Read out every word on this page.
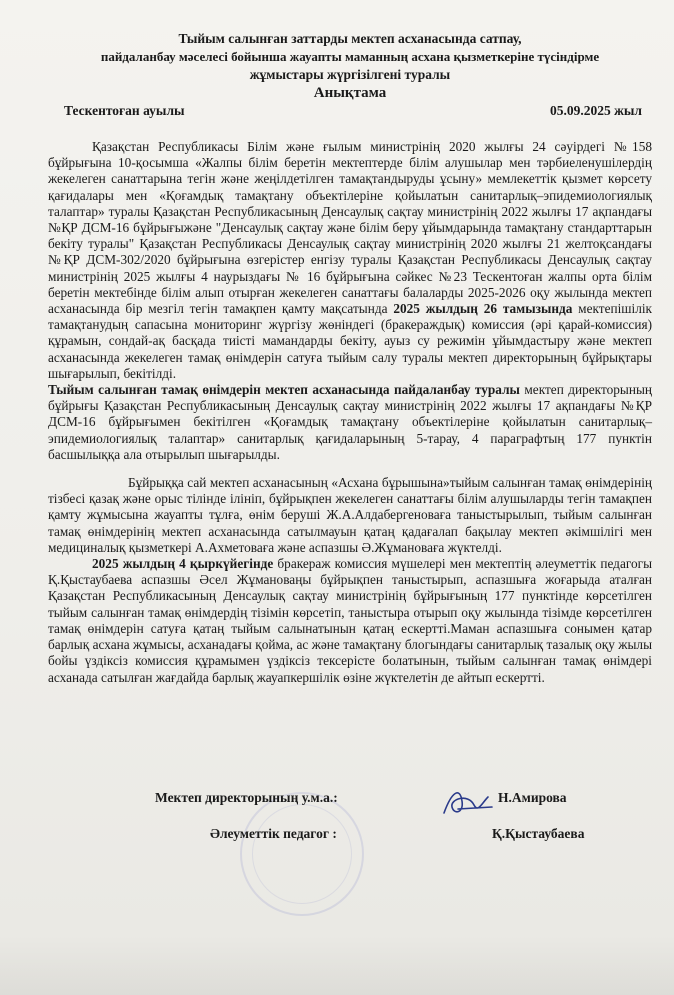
Тыйым салынған заттарды мектеп асханасында сатпау,
пайдаланбау мәселесі бойынша жауапты маманның асхана қызметкеріне түсіндірме
жұмыстары жүргізілгені туралы
Анықтама
Тескентоған ауылы	05.09.2025 жыл

Қазақстан Республикасы Білім және ғылым министрінің 2020 жылғы 24 сәуірдегі №158 бұйрығына 10-қосымша «Жалпы білім беретін мектептерде білім алушылар мен тәрбиеленушілердің жекелеген санаттарына тегін және жеңілдетілген тамақтандыруды ұсыну» мемлекеттік қызмет көрсету қағидалары мен «Қоғамдық тамақтану объектілеріне қойылатын санитарлық–эпидемиологиялық талаптар» туралы Қазақстан Республикасының Денсаулық сақтау министрінің 2022 жылғы 17 ақпандағы №ҚР ДСМ-16 бұйрығыжәне "Денсаулық сақтау және білім беру ұйымдарында тамақтану стандарттарын бекіту туралы" Қазақстан Республикасы Денсаулық сақтау министрінің 2020 жылғы 21 желтоқсандағы №ҚР ДСМ-302/2020 бұйрығына өзгерістер енгізу туралы Қазақстан Республикасы Денсаулық сақтау министрінің 2025 жылғы 4 наурыздағы № 16 бұйрығына сәйкес №23 Тескентоған жалпы орта білім беретін мектебінде білім алып отырған жекелеген санаттағы балаларды 2025-2026 оқу жылында мектеп асханасында бір мезгіл тегін тамақпен қамту мақсатында 2025 жылдың 26 тамызында мектепішілік тамақтанудың сапасына мониторинг жүргізу жөніндегі (бракераждық) комиссия (әрі қарай-комиссия) құрамын, сондай-ақ басқада тиісті мамандарды бекіту, ауыз су режимін ұйымдастыру және мектеп асханасында жекелеген тамақ өнімдерін сатуға тыйым салу туралы мектеп директорының бұйрықтары шығарылып, бекітілді.

Тыйым салынған тамақ өнімдерін мектеп асханасында пайдаланбау туралы мектеп директорының бұйрығы Қазақстан Республикасының Денсаулық сақтау министрінің 2022 жылғы 17 ақпандағы №ҚР ДСМ-16 бұйрығымен бекітілген «Қоғамдық тамақтану объектілеріне қойылатын санитарлық–эпидемиологиялық талаптар» санитарлық қағидаларының 5-тарау, 4 параграфтың 177 пунктін басшылыққа ала отырылып шығарылды.

Бұйрыққа сай мектеп асханасының «Асхана бұрышына»тыйым салынған тамақ өнімдерінің тізбесі қазақ және орыс тілінде ілініп, бұйрықпен жекелеген санаттағы білім алушыларды тегін тамақпен қамту жұмысына жауапты тұлға, өнім беруші Ж.А.Алдабергеноваға таныстырылып, тыйым салынған тамақ өнімдерінің мектеп асханасында сатылмауын қатаң қадағалап бақылау мектеп әкімшілігі мен медициналық қызметкері А.Ахметоваға және аспазшы Ә.Жұмановаға жүктелді.

2025 жылдың 4 қыркүйегінде бракераж комиссия мүшелері мен мектептің әлеуметтік педагогы Қ.Қыстаубаева аспазшы Әсел Жұмановаңы бұйрықпен таныстырып, аспазшыға жоғарыда аталған Қазақстан Республикасының Денсаулық сақтау министрінің бұйрығының 177 пунктінде көрсетілген тыйым салынған тамақ өнімдердің тізімін көрсетіп, таныстыра отырып оқу жылында тізімде көрсетілген тамақ өнімдерін сатуға қатаң тыйым салынатынын қатаң ескертті.Маман аспазшыға сонымен қатар барлық асхана жұмысы, асханадағы қойма, ас және тамақтану блогындағы санитарлық тазалық оқу жылы бойы үздіксіз комиссия құрамымен үздіксіз тексерісте болатынын, тыйым салынған тамақ өнімдері асханада сатылған жағдайда барлық жауапкершілік өзіне жүктелетін де айтып ескертті.

Мектеп директорының у.м.а.:	Н.Амирова
Әлеуметтік педагог :	Қ.Қыстаубаева
